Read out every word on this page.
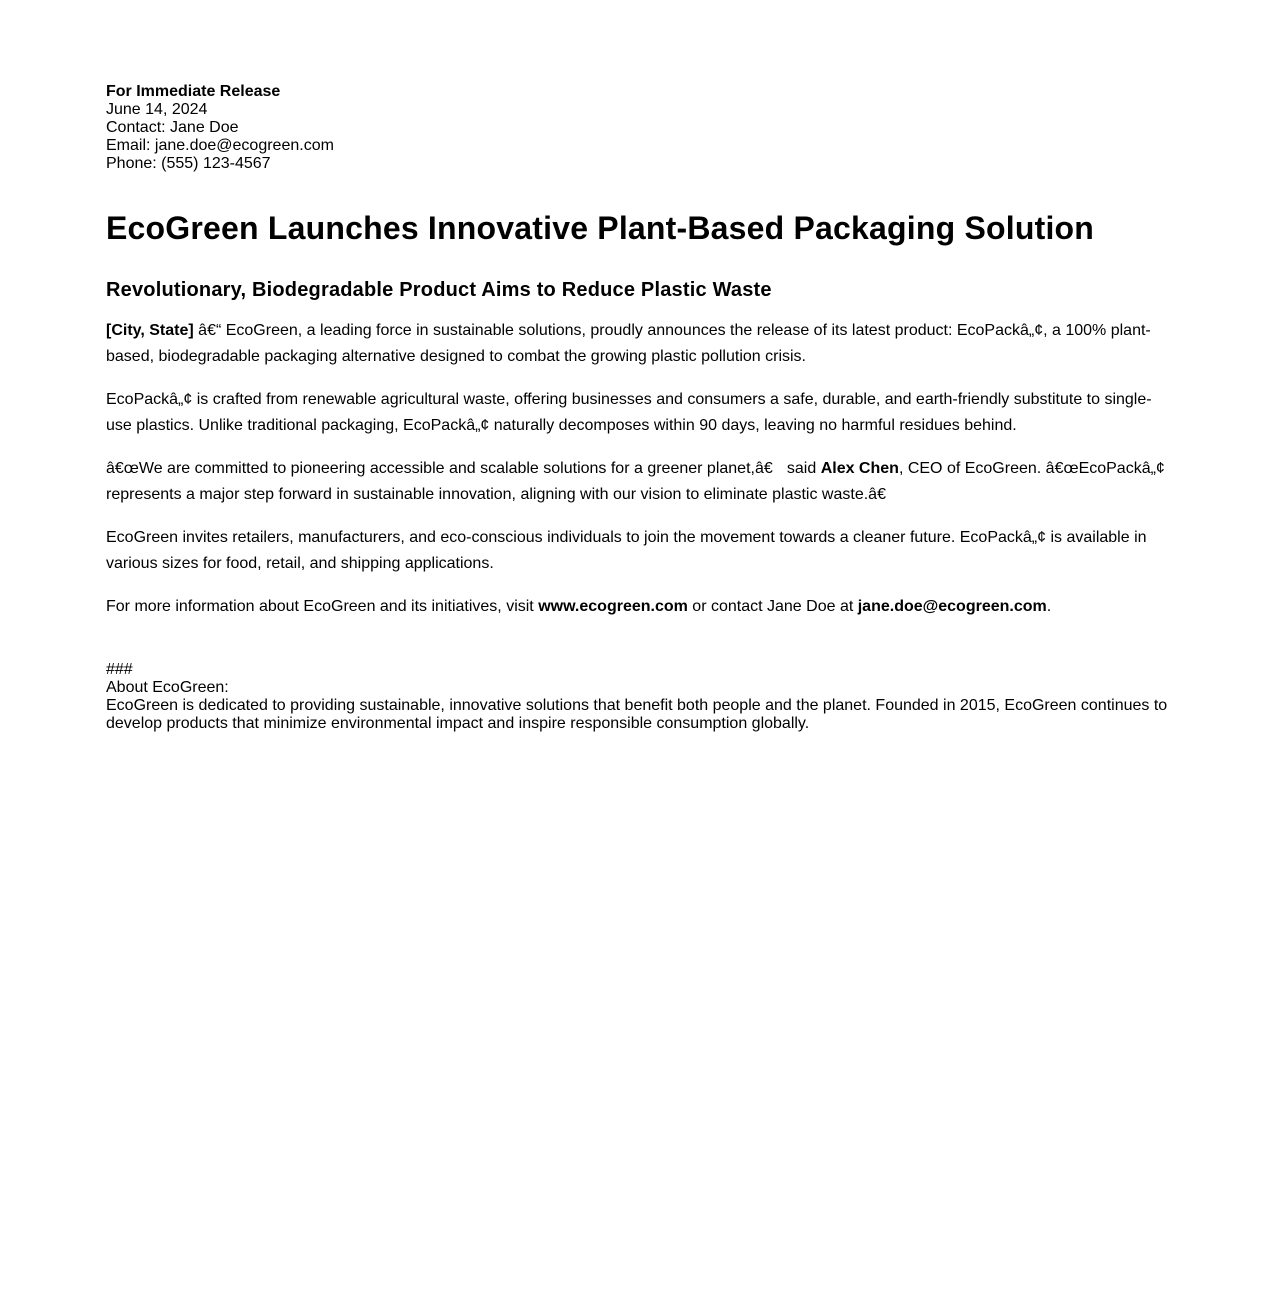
For Immediate Release
June 14, 2024
Contact: Jane Doe
Email: jane.doe@ecogreen.com
Phone: (555) 123-4567
EcoGreen Launches Innovative Plant-Based Packaging Solution
Revolutionary, Biodegradable Product Aims to Reduce Plastic Waste

[City, State] â€“ EcoGreen, a leading force in sustainable solutions, proudly announces the release of its latest product: EcoPackâ„¢, a 100% plant-based, biodegradable packaging alternative designed to combat the growing plastic pollution crisis.

EcoPackâ„¢ is crafted from renewable agricultural waste, offering businesses and consumers a safe, durable, and earth-friendly substitute to single-use plastics. Unlike traditional packaging, EcoPackâ„¢ naturally decomposes within 90 days, leaving no harmful residues behind.

â€œWe are committed to pioneering accessible and scalable solutions for a greener planet,â€ said Alex Chen, CEO of EcoGreen. â€œEcoPackâ„¢ represents a major step forward in sustainable innovation, aligning with our vision to eliminate plastic waste.â€

EcoGreen invites retailers, manufacturers, and eco-conscious individuals to join the movement towards a cleaner future. EcoPackâ„¢ is available in various sizes for food, retail, and shipping applications.

For more information about EcoGreen and its initiatives, visit www.ecogreen.com or contact Jane Doe at jane.doe@ecogreen.com.

###
About EcoGreen:
EcoGreen is dedicated to providing sustainable, innovative solutions that benefit both people and the planet. Founded in 2015, EcoGreen continues to develop products that minimize environmental impact and inspire responsible consumption globally.
